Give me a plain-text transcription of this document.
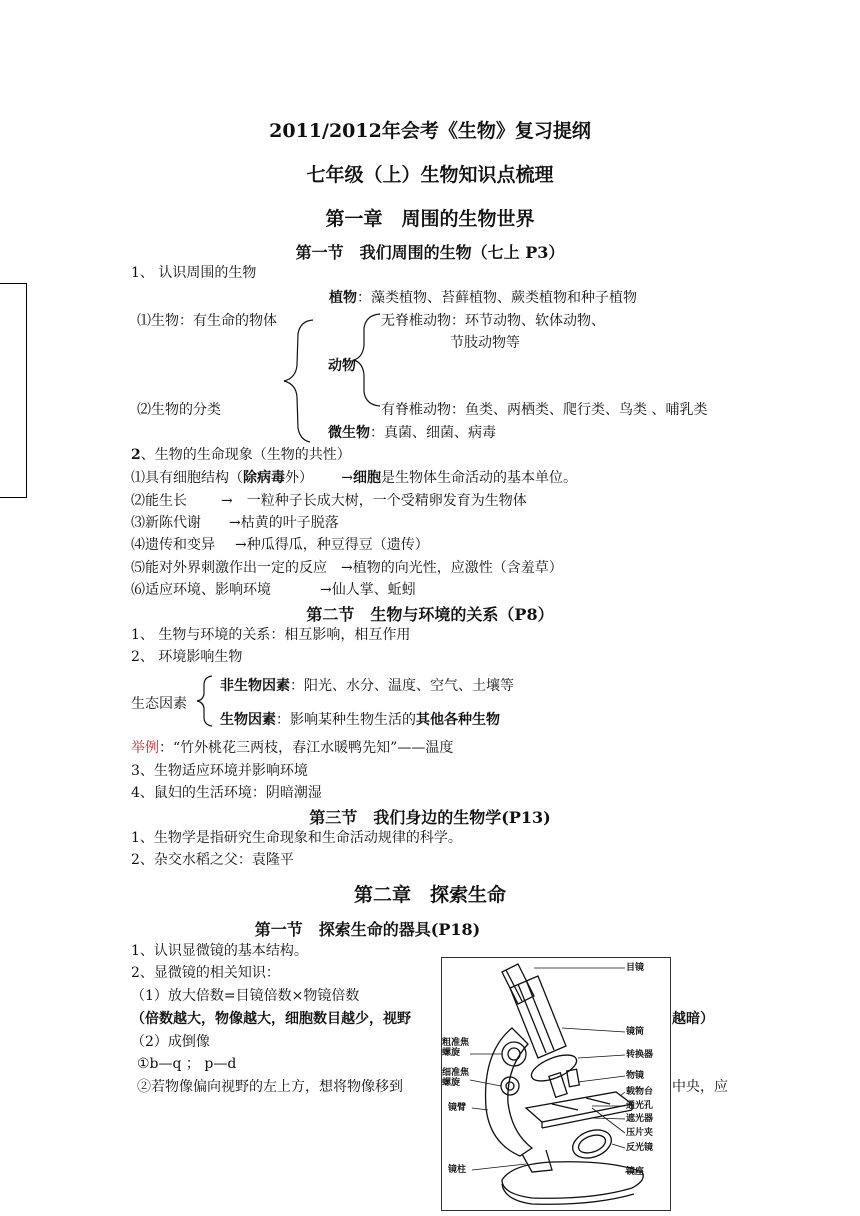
2011/2012年会考《生物》复习提纲
七年级（上）生物知识点梳理
第一章　周围的生物世界
第一节　我们周围的生物（七上 P3）
1、 认识周围的生物
植物：藻类植物、苔藓植物、蕨类植物和种子植物
⑴生物：有生命的物体	无脊椎动物：环节动物、软体动物、
节肢动物等
动物
⑵生物的分类	有脊椎动物：鱼类、两栖类、爬行类、鸟类 、哺乳类
微生物：真菌、细菌、病毒
2、生物的生命现象（生物的共性）
⑴具有细胞结构（除病毒外） →细胞是生物体生命活动的基本单位。
⑵能生长 →　一粒种子长成大树，一个受精卵发育为生物体
⑶新陈代谢 →枯黄的叶子脱落
⑷遗传和变异 →种瓜得瓜，种豆得豆（遗传）
⑸能对外界刺激作出一定的反应　→植物的向光性，应激性（含羞草）
⑹适应环境、影响环境	→仙人掌、蚯蚓
第二节　生物与环境的关系（P8）
1、 生物与环境的关系：相互影响，相互作用
2、 环境影响生物
生态因素
非生物因素：阳光、水分、温度、空气、土壤等
生物因素：影响某种生物生活的其他各种生物
举例：“竹外桃花三两枝，春江水暖鸭先知”——温度
3、生物适应环境并影响环境
4、鼠妇的生活环境：阴暗潮湿
第三节　我们身边的生物学(P13)
1、生物学是指研究生命现象和生命活动规律的科学。
2、杂交水稻之父：袁隆平
第二章　探索生命
第一节　探索生命的器具(P18)
1、认识显微镜的基本结构。
2、显微镜的相关知识：
（1）放大倍数=目镜倍数×物镜倍数
（倍数越大，物像越大，细胞数目越少，视野	越暗）
（2）成倒像
①b—q ； p—d
②若物像偏向视野的左上方，想将物像移到	中央，应
目镜
镜筒
转换器
物镜
载物台
通光孔
遮光器
压片夹
反光镜
镜座
粗准焦
螺旋
细准焦
螺旋
镜臂
镜柱
